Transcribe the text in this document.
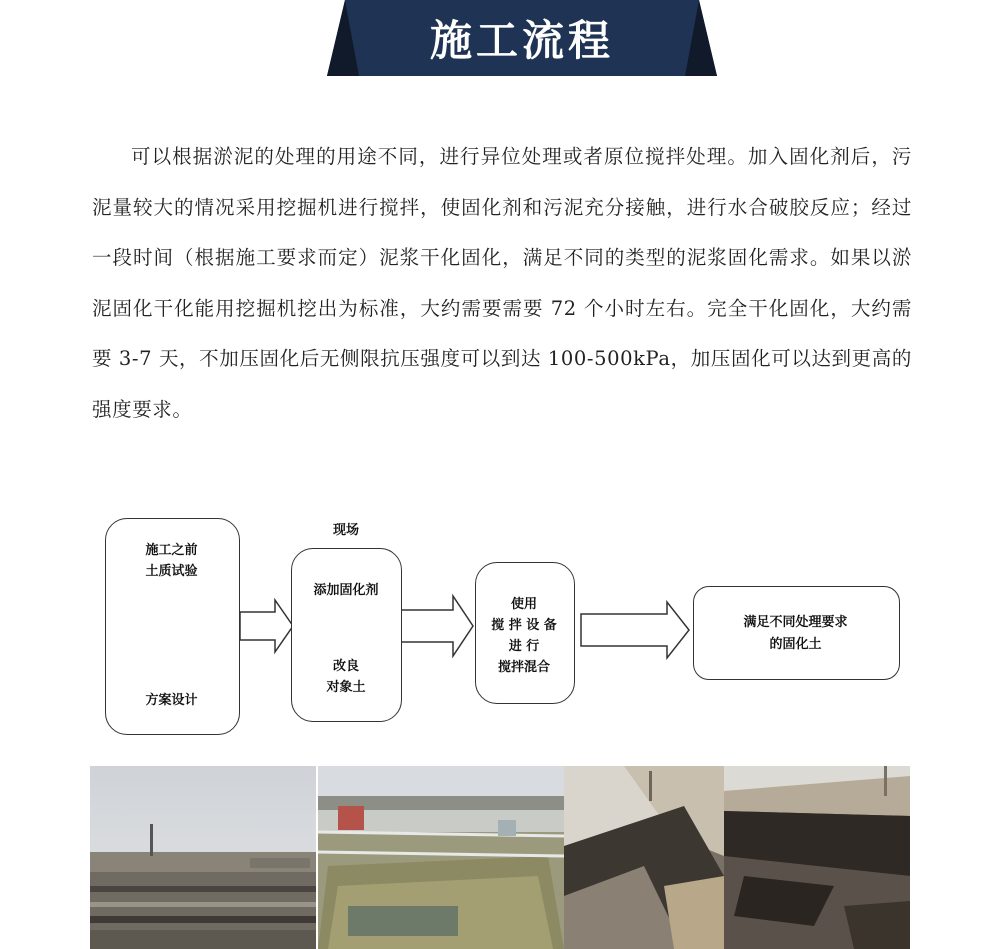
施工流程

可以根据淤泥的处理的用途不同，进行异位处理或者原位搅拌处理。加入固化剂后，污泥量较大的情况采用挖掘机进行搅拌，使固化剂和污泥充分接触，进行水合破胶反应；经过一段时间（根据施工要求而定）泥浆干化固化，满足不同的类型的泥浆固化需求。如果以淤泥固化干化能用挖掘机挖出为标准，大约需要需要 72 个小时左右。完全干化固化，大约需要 3-7 天，不加压固化后无侧限抗压强度可以到达 100-500kPa，加压固化可以达到更高的强度要求。

施工之前
土质试验
方案设计
现场
添加固化剂
改良
对象土
使用
搅 拌 设 备
进 行
搅拌混合
满足不同处理要求
的固化土
